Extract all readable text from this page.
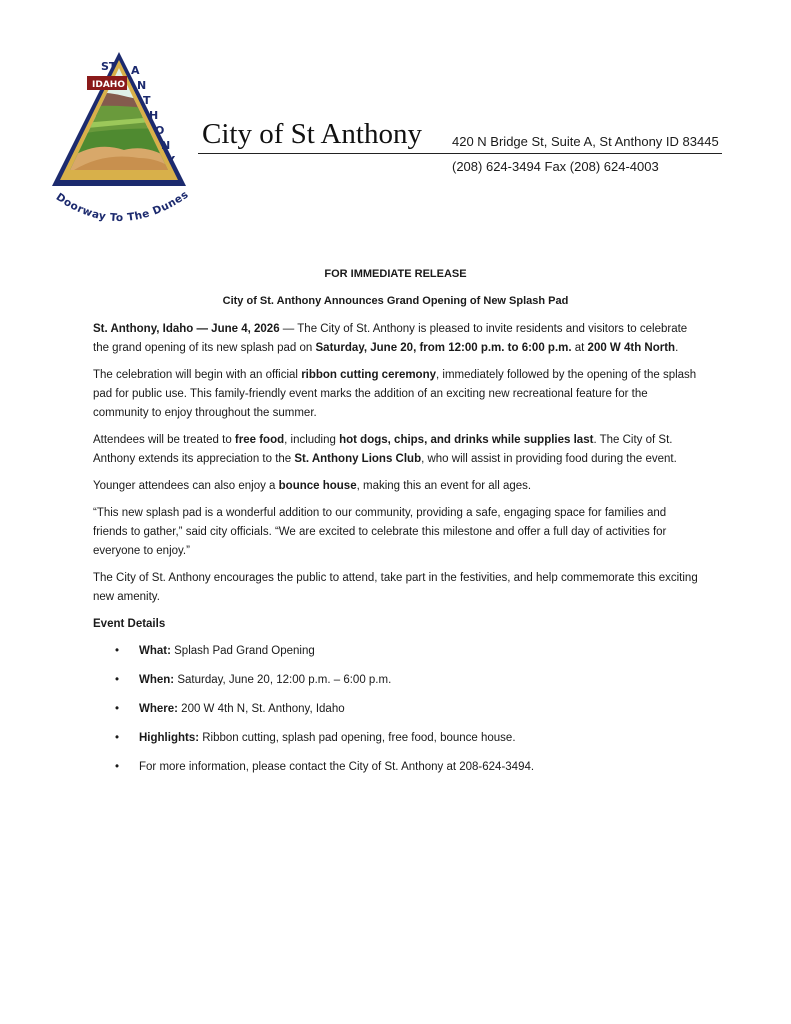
ST
IDAHO
A
N
T
H
O
N
Y
Doorway To The Dunes
City of St Anthony 420 N Bridge St, Suite A, St Anthony ID 83445
(208) 624-3494 Fax (208) 624-4003
FOR IMMEDIATE RELEASE
City of St. Anthony Announces Grand Opening of New Splash Pad

St. Anthony, Idaho — June 4, 2026 — The City of St. Anthony is pleased to invite residents and visitors to celebrate the grand opening of its new splash pad on Saturday, June 20, from 12:00 p.m. to 6:00 p.m. at 200 W 4th North.

The celebration will begin with an official ribbon cutting ceremony, immediately followed by the opening of the splash pad for public use. This family-friendly event marks the addition of an exciting new recreational feature for the community to enjoy throughout the summer.

Attendees will be treated to free food, including hot dogs, chips, and drinks while supplies last. The City of St. Anthony extends its appreciation to the St. Anthony Lions Club, who will assist in providing food during the event.

Younger attendees can also enjoy a bounce house, making this an event for all ages.

“This new splash pad is a wonderful addition to our community, providing a safe, engaging space for families and friends to gather,” said city officials. “We are excited to celebrate this milestone and offer a full day of activities for everyone to enjoy.”

The City of St. Anthony encourages the public to attend, take part in the festivities, and help commemorate this exciting new amenity.

Event Details
• What: Splash Pad Grand Opening
• When: Saturday, June 20, 12:00 p.m. – 6:00 p.m.
• Where: 200 W 4th N, St. Anthony, Idaho
• Highlights: Ribbon cutting, splash pad opening, free food, bounce house.
• For more information, please contact the City of St. Anthony at 208-624-3494.
